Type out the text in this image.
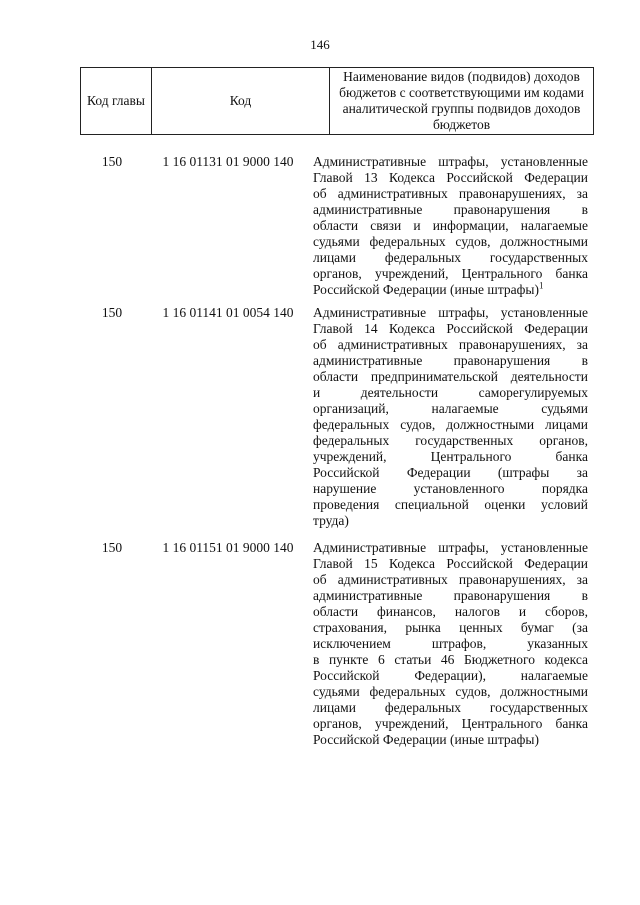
146
Код главы	Код	Наименование видов (подвидов) доходов бюджетов с соответствующими им кодами аналитической группы подвидов доходов бюджетов
150	1 16 01131 01 9000 140	Административные штрафы, установленные
Главой 13 Кодекса Российской Федерации
об административных правонарушениях, за
административные правонарушения в
области связи и информации, налагаемые
судьями федеральных судов, должностными
лицами федеральных государственных
органов, учреждений, Центрального банка
Российской Федерации (иные штрафы)$^1$
150	1 16 01141 01 0054 140	Административные штрафы, установленные
Главой 14 Кодекса Российской Федерации
об административных правонарушениях, за
административные правонарушения в
области предпринимательской деятельности
и деятельности саморегулируемых
организаций, налагаемые судьями
федеральных судов, должностными лицами
федеральных государственных органов,
учреждений, Центрального банка
Российской Федерации (штрафы за
нарушение установленного порядка
проведения специальной оценки условий
труда)
150	1 16 01151 01 9000 140	Административные штрафы, установленные
Главой 15 Кодекса Российской Федерации
об административных правонарушениях, за
административные правонарушения в
области финансов, налогов и сборов,
страхования, рынка ценных бумаг (за
исключением штрафов, указанных
в пункте 6 статьи 46 Бюджетного кодекса
Российской Федерации), налагаемые
судьями федеральных судов, должностными
лицами федеральных государственных
органов, учреждений, Центрального банка
Российской Федерации (иные штрафы)
